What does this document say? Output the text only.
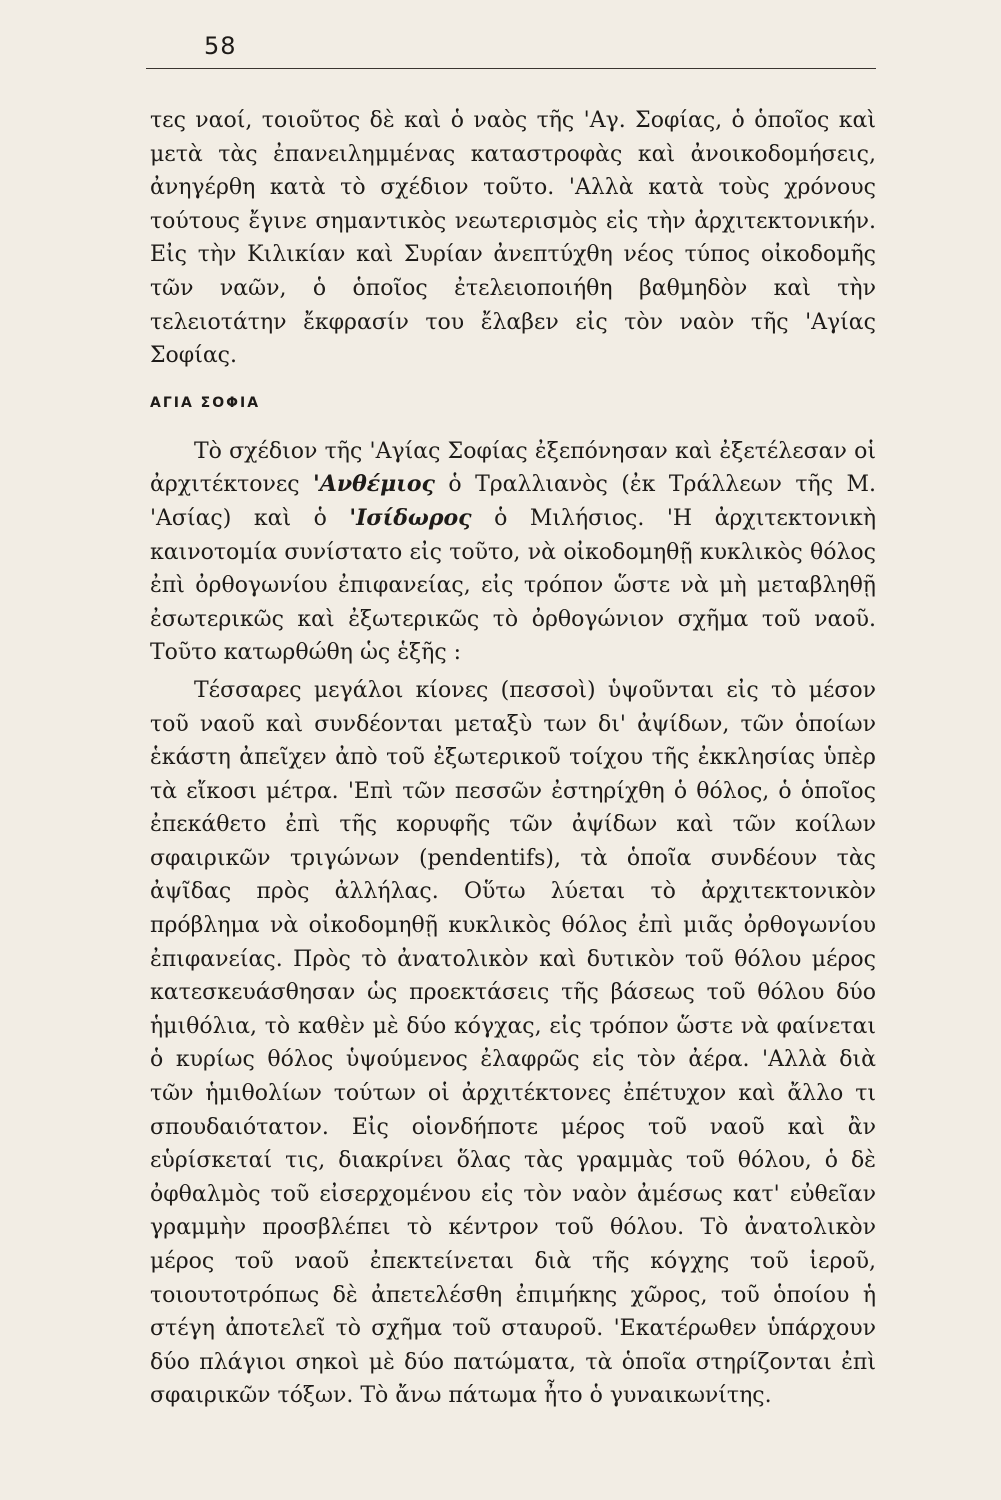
58

τες ναοί, τοιοῦτος δὲ καὶ ὁ ναὸς τῆς 'Αγ. Σοφίας, ὁ ὁποῖος καὶ μετὰ τὰς ἐπανειλημμένας καταστροφὰς καὶ ἀνοικοδομήσεις, ἀνηγέρθη κατὰ τὸ σχέδιον τοῦτο. 'Αλλὰ κατὰ τοὺς χρόνους τούτους ἔγινε σημαντικὸς νεωτερισμὸς εἰς τὴν ἀρχιτεκτονικήν. Εἰς τὴν Κιλικίαν καὶ Συρίαν ἀνεπτύχθη νέος τύπος οἰκοδομῆς τῶν ναῶν, ὁ ὁποῖος ἐτελειοποιήθη βαθμηδὸν καὶ τὴν τελειοτάτην ἔκφρασίν του ἔλαβεν εἰς τὸν ναὸν τῆς 'Αγίας Σοφίας.

ΑΓΙΑ ΣΟΦΙΑ

Τὸ σχέδιον τῆς 'Αγίας Σοφίας ἐξεπόνησαν καὶ ἐξετέλεσαν οἱ ἀρχιτέκτονες 'Ανθέμιος ὁ Τραλλιανὸς (ἐκ Τράλλεων τῆς Μ. 'Ασίας) καὶ ὁ 'Ισίδωρος ὁ Μιλήσιος. 'Η ἀρχιτεκτονικὴ καινοτομία συνίστατο εἰς τοῦτο, νὰ οἰκοδομηθῇ κυκλικὸς θόλος ἐπὶ ὀρθογωνίου ἐπιφανείας, εἰς τρόπον ὥστε νὰ μὴ μεταβληθῇ ἐσωτερικῶς καὶ ἐξωτερικῶς τὸ ὀρθογώνιον σχῆμα τοῦ ναοῦ. Τοῦτο κατωρθώθη ὡς ἑξῆς :

Τέσσαρες μεγάλοι κίονες (πεσσοὶ) ὑψοῦνται εἰς τὸ μέσον τοῦ ναοῦ καὶ συνδέονται μεταξὺ των δι' ἀψίδων, τῶν ὁποίων ἑκάστη ἀπεῖχεν ἀπὸ τοῦ ἐξωτερικοῦ τοίχου τῆς ἐκκλησίας ὑπὲρ τὰ εἴκοσι μέτρα. 'Επὶ τῶν πεσσῶν ἐστηρίχθη ὁ θόλος, ὁ ὁποῖος ἐπεκάθετο ἐπὶ τῆς κορυφῆς τῶν ἀψίδων καὶ τῶν κοίλων σφαιρικῶν τριγώνων (pendentifs), τὰ ὁποῖα συνδέουν τὰς ἀψῖδας πρὸς ἀλλήλας. Οὕτω λύεται τὸ ἀρχιτεκτονικὸν πρόβλημα νὰ οἰκοδομηθῇ κυκλικὸς θόλος ἐπὶ μιᾶς ὀρθογωνίου ἐπιφανείας. Πρὸς τὸ ἀνατολικὸν καὶ δυτικὸν τοῦ θόλου μέρος κατεσκευάσθησαν ὡς προεκτάσεις τῆς βάσεως τοῦ θόλου δύο ἡμιθόλια, τὸ καθὲν μὲ δύο κόγχας, εἰς τρόπον ὥστε νὰ φαίνεται ὁ κυρίως θόλος ὑψούμενος ἐλαφρῶς εἰς τὸν ἀέρα. 'Αλλὰ διὰ τῶν ἡμιθολίων τούτων οἱ ἀρχιτέκτονες ἐπέτυχον καὶ ἄλλο τι σπουδαιότατον. Εἰς οἱονδήποτε μέρος τοῦ ναοῦ καὶ ἂν εὑρίσκεταί τις, διακρίνει ὅλας τὰς γραμμὰς τοῦ θόλου, ὁ δὲ ὀφθαλμὸς τοῦ εἰσερχομένου εἰς τὸν ναὸν ἀμέσως κατ' εὐθεῖαν γραμμὴν προσβλέπει τὸ κέντρον τοῦ θόλου. Τὸ ἀνατολικὸν μέρος τοῦ ναοῦ ἐπεκτείνεται διὰ τῆς κόγχης τοῦ ἱεροῦ, τοιουτοτρόπως δὲ ἀπετελέσθη ἐπιμήκης χῶρος, τοῦ ὁποίου ἡ στέγη ἀποτελεῖ τὸ σχῆμα τοῦ σταυροῦ. 'Εκατέρωθεν ὑπάρχουν δύο πλάγιοι σηκοὶ μὲ δύο πατώματα, τὰ ὁποῖα στηρίζονται ἐπὶ σφαιρικῶν τόξων. Τὸ ἄνω πάτωμα ἦτο ὁ γυναικωνίτης.
